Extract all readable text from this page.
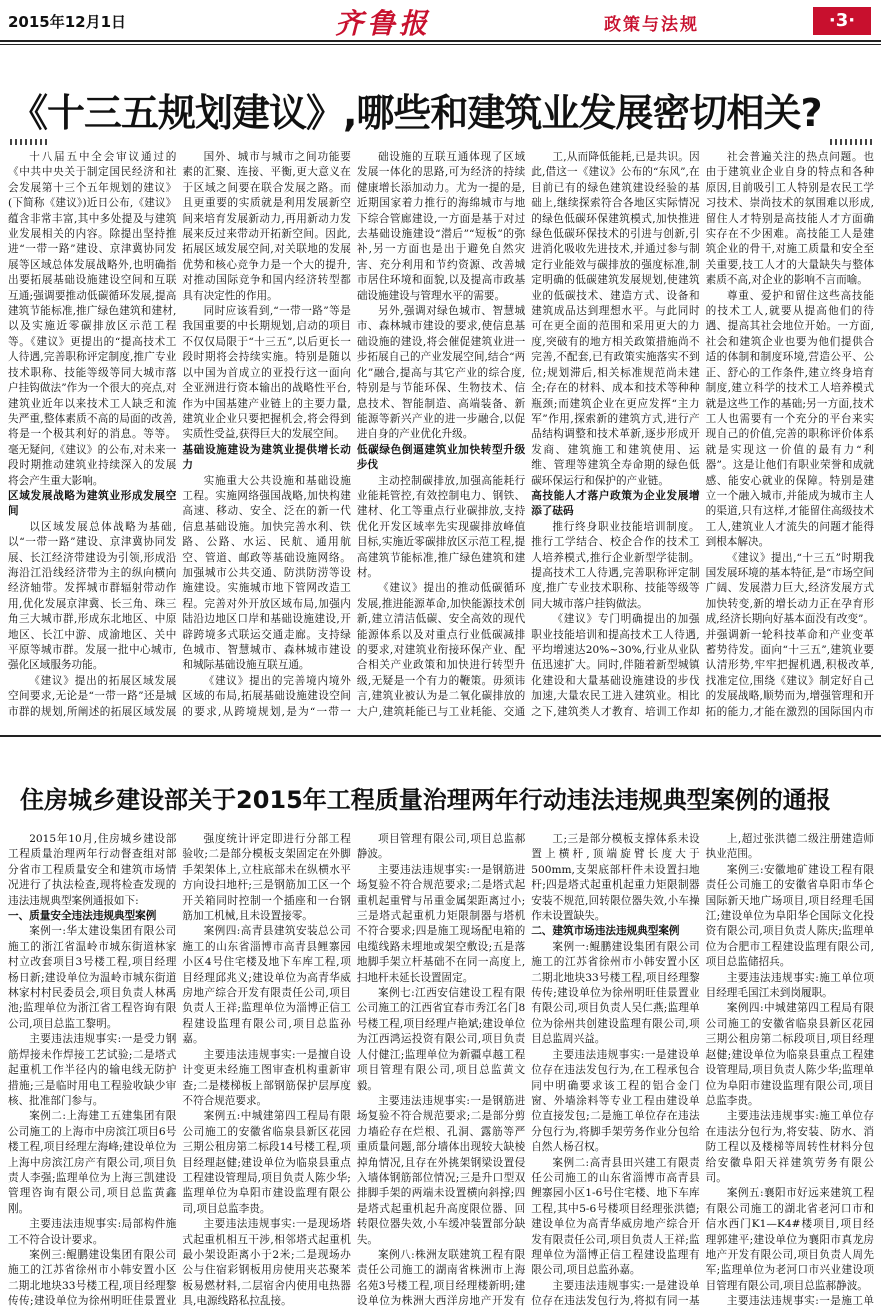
2015年12月1日	齐鲁报	政策与法规	·3·
《十三五规划建议》,哪些和建筑业发展密切相关?

十八届五中全会审议通过的《中共中央关于制定国民经济和社会发展第十三个五年规划的建议》(下简称《建议》)近日公布,《建议》蕴含非常丰富,其中多处提及与建筑业发展相关的内容。除提出坚持推进“一带一路”建设、京津冀协同发展等区域总体发展战略外,也明确指出要拓展基础设施建设空间和互联互通;强调要推动低碳循环发展,提高建筑节能标准,推广绿色建筑和建材,以及实施近零碳排放区示范工程等。《建议》更提出的“提高技术工人待遇,完善职称评定制度,推广专业技术职称、技能等级等同大城市落户挂钩做法”作为一个很大的亮点,对建筑业近年以来技术工人缺乏和流失严重,整体素质不高的局面的改善,将是一个极其利好的消息。等等。毫无疑问,《建议》的公布,对未来一段时期推动建筑业持续深入的发展将会产生重大影响。

区域发展战略为建筑业形成发展空间

以区域发展总体战略为基础,以“一带一路”建设、京津冀协同发展、长江经济带建设为引领,形成沿海沿江沿线经济带为主的纵向横向经济轴带。发挥城市群辐射带动作用,优化发展京津冀、长三角、珠三角三大城市群,形成东北地区、中原地区、长江中游、成渝地区、关中平原等城市群。发展一批中心城市,强化区域服务功能。

《建议》提出的拓展区域发展空间要求,无论是“一带一路”还是城市群的规划,所阐述的拓展区域发展

国外、城市与城市之间功能要素的汇聚、连接、平衡,更大意义在于区域之间要在联合发展之路。而且更重要的实质就是利用发展新空间来培育发展新动力,再用新动力发展来反过来带动开拓新空间。因此,拓展区域发展空间,对关联地的发展优势和核心竞争力是一个大的提升,对推动国际竞争和国内经济转型都具有决定性的作用。

同时应该看到,“一带一路”等是我国重要的中长期规划,启动的项目不仅仅局限于“十三五”,以后更长一段时期将会持续实施。特别是随以以中国为首成立的亚投行这一面向全亚洲进行资本输出的战略性平台,作为中国基建产业链上的主要力量,建筑业企业只要把握机会,将会得到实质性受益,获得巨大的发展空间。

基础设施建设为建筑业提供增长动力

实施重大公共设施和基础设施工程。实施网络强国战略,加快构建高速、移动、安全、泛在的新一代信息基础设施。加快完善水利、铁路、公路、水运、民航、通用航空、管道、邮政等基础设施网络。加强城市公共交通、防洪防涝等设施建设。实施城市地下管网改造工程。完善对外开放区域布局,加强内陆沿边地区口岸和基础设施建设,开辟跨境多式联运交通走廊。支持绿色城市、智慧城市、森林城市建设和城际基础设施互联互通。

《建议》提出的完善境内境外区域的布局,拓展基础设施建设空间的要求,从跨境规划,是为“一带一

础设施的互联互通体现了区域发展一体化的思路,可为经济的持续健康增长添加动力。尤为一提的是,近期国家着力推行的海绵城市与地下综合管廊建设,一方面是基于对过去基础设施建设“潜后”“短板”的弥补,另一方面也是出于避免自然灾害、充分利用和节约资源、改善城市居住环境和面貌,以及提高市政基础设施建设与管理水平的需要。

另外,强调对绿色城市、智慧城市、森林城市建设的要求,使信息基础设施的建设,将会催促建筑业进一步拓展自己的产业发展空间,结合“两化”融合,提高与其它产业的综合度,特别是与节能环保、生物技术、信息技术、智能制造、高端装备、新能源等新兴产业的进一步融合,以促进自身的产业优化升级。

低碳绿色倒逼建筑业加快转型升级步伐

主动控制碳排放,加强高能耗行业能耗管控,有效控制电力、钢铁、建材、化工等重点行业碳排放,支持优化开发区域率先实现碳排放峰值目标,实施近零碳排放区示范工程,提高建筑节能标准,推广绿色建筑和建材。

《建议》提出的推动低碳循环发展,推进能源革命,加快能源技术创新,建立清洁低碳、安全高效的现代能源体系以及对重点行业低碳减排的要求,对建筑业衔接环保产业、配合相关产业政策和加快进行转型升级,无疑是一个有力的鞭策。毋须讳言,建筑业被认为是二氧化碳排放的大户,建筑耗能已与工业耗能、交通

工,从而降低能耗,已是共识。因此,借这一《建议》公布的“东风”,在目前已有的绿色建筑建设经验的基础上,继续探索符合各地区实际情况的绿色低碳环保建筑模式,加快推进绿色低碳环保技术的引进与创新,引进消化吸收先进技术,并通过参与制定行业能效与碳排放的强度标准,制定明确的低碳建筑发展规划,使建筑业的低碳技术、建造方式、设备和建筑成品达到理想水平。与此同时可在更全面的范围和采用更大的力度,突破有的地方相关政策措施尚不完善,不配套,已有政策实施落实不到位;规划滞后,相关标准规范尚未建全;存在的材料、成本和技术等种种瓶颈;而建筑企业在更应发挥“主力军”作用,探索新的建筑方式,进行产品结构调整和技术革新,逐步形成开发商、建筑施工和建筑使用、运维、管理等建筑全寿命期的绿色低碳环保运行和保护的产业链。

高技能人才落户政策为企业发展增添了砝码

推行终身职业技能培训制度。推行工学结合、校企合作的技术工人培养模式,推行企业新型学徒制。提高技术工人待遇,完善职称评定制度,推广专业技术职称、技能等级等同大城市落户挂钩做法。

《建议》专门明确提出的加强职业技能培训和提高技术工人待遇,平均增速达20%~30%,行业从业队伍迅速扩大。同时,伴随着新型城镇化建设和大量基础设施建设的步伐加速,大量农民工进入建筑业。相比之下,建筑类人才教育、培训工作却

社会普遍关注的热点问题。也由于建筑业企业自身的特点和各种原因,目前吸引工人特别是农民工学习技术、崇尚技术的氛围难以形成,留住人才特别是高技能人才方面确实存在不少困难。高技能工人是建筑企业的骨干,对施工质量和安全至关重要,技工人才的大量缺失与整体素质不高,对企业的影响不言而喻。

尊重、爱护和留住这些高技能的技术工人,就要从提高他们的待遇、提高其社会地位开始。一方面,社会和建筑企业也要为他们提供合适的体制和制度环境,营造公平、公正、舒心的工作条件,建立终身培育制度,建立科学的技术工人培养模式就是这些工作的基础;另一方面,技术工人也需要有一个充分的平台来实现自己的价值,完善的职称评价体系就是实现这一价值的最有力“利器”。这是让他们有职业荣誉和成就感、能安心就业的保障。特别是建立一个融入城市,并能成为城市主人的渠道,只有这样,才能留住高级技术工人,建筑业人才流失的问题才能得到根本解决。

《建议》提出,“十三五”时期我国发展环境的基本特征,是“市场空间广阔、发展潜力巨大,经济发展方式加快转变,新的增长动力正在孕育形成,经济长期向好基本面没有改变”。并强调新一轮科技革命和产业变革蓄势待发。面向“十三五”,建筑业要认清形势,牢牢把握机遇,积极改革,找准定位,围绕《建议》制定好自己的发展战略,顺势而为,增强管理和开拓的能力,才能在激烈的国际国内市

住房城乡建设部关于2015年工程质量治理两年行动违法违规典型案例的通报

2015年10月,住房城乡建设部工程质量治理两年行动督查组对部分省市工程质量安全和建筑市场情况进行了执法检查,现将检查发现的违法违规典型案例通报如下:

一、质量安全违法违规典型案例

案例一:华太建设集团有限公司施工的浙江省温岭市城东街道林家村立改套项目3号楼工程,项目经理杨日新;建设单位为温岭市城东街道林家村村民委员会,项目负责人林禹池;监理单位为浙江省工程咨询有限公司,项目总监工黎明。

主要违法违规事实:一是受力钢筋焊接未作焊接工艺试验;二是塔式起重机工作半径内的输电线无防护措施;三是临时用电工程验收缺少审核、批准部门参与。

案例二:上海建工五建集团有限公司施工的上海市中房滨江项目6号楼工程,项目经理左海峰;建设单位为上海中房滨江房产有限公司,项目负责人李强;监理单位为上海三凯建设管理咨询有限公司,项目总监黄鑫刚。

主要违法违规事实:局部构件施工不符合设计要求。

案例三:鲲鹏建设集团有限公司施工的江苏省徐州市小韩安置小区二期北地块33号楼工程,项目经理黎传传;建设单位为徐州明旺佳景置业

强度统计评定即进行分部工程验收;二是部分模板支架固定在外脚手架架体上,立柱底部未在纵横水平方向设扫地杆;三是钢筋加工区一个开关箱同时控制一个插座和一台钢筋加工机械,且未设置接零。

案例四:高青县建筑安装总公司施工的山东省淄博市高青县鲤寨园小区4号住宅楼及地下车库工程,项目经理邱兆义;建设单位为高青华威房地产综合开发有限责任公司,项目负责人王祥;监理单位为淄博正信工程建设监理有限公司,项目总监孙嘉。

主要违法违规事实:一是擅自设计变更未经施工图审查机构重新审查;二是楼梯板上部钢筋保护层厚度不符合规范要求。

案例五:中城建第四工程局有限公司施工的安徽省临泉县新区花园三期公租房第二标段14号楼工程,项目经理赵健;建设单位为临泉县重点工程建设管理局,项目负责人陈少华;监理单位为阜阳市建设监理有限公司,项目总监李贵。

主要违法违规事实:一是现场塔式起重机相互干涉,相邻塔式起重机最小架设距离小于2米;二是现场办公与住宿彩钢板用房使用夹芯聚苯板易燃材料,二层宿舍内使用电热器具,电源线路私拉乱接。

项目管理有限公司,项目总监郝静波。

主要违法违规事实:一是钢筋进场复验不符合规范要求;二是塔式起重机起重臂与吊重金属架距离过小;三是塔式起重机力矩限制器与塔机不符合要求;四是施工现场配电箱的电缆线路未埋地或架空敷设;五是落地脚手架立杆基础不在同一高度上,扫地杆未延长设置固定。

案例七:江西安信建设工程有限公司施工的江西省宜春市秀江名门8号楼工程,项目经理卢艳斌;建设单位为江西鸿运投资有限公司,项目负责人付健江;监理单位为新疆卓越工程项目管理有限公司,项目总监黄文毅。

主要违法违规事实:一是钢筋进场复验不符合规范要求;二是部分剪力墙砼存在烂根、孔洞、露筋等严重质量问题,部分墙体出现较大缺棱掉角情况,且存在外挑架钢梁设置侵入墙体钢筋部位情况;三是升口型双排脚手架的两端未设置横向斜撑;四是塔式起重机起升高度限位器、回转限位器失效,小车缓冲装置部分缺失。

案例八:株洲友联建筑工程有限责任公司施工的湖南省株洲市上海名苑3号楼工程,项目经理楼新明;建设单位为株洲大西洋房地产开发有

工;三是部分模板支撑体系未设置上横杆,顶端旋臂长度大于500mm,支架底部杆件未设置扫地杆;四是塔式起重机起重力矩限制器安装不规范,回转限位器失效,小车操作未设置缺失。

二、建筑市场违法违规典型案例

案例一:鲲鹏建设集团有限公司施工的江苏省徐州市小韩安置小区二期北地块33号楼工程,项目经理黎传传;建设单位为徐州明旺佳景置业有限公司,项目负责人吴仁燕;监理单位为徐州共创建设监理有限公司,项目总监周兴益。

主要违法违规事实:一是建设单位存在违法发包行为,在工程承包合同中明确要求该工程的铝合金门窗、外墙涂料等专业工程由建设单位直接发包;二是施工单位存在违法分包行为,将脚手架劳务作业分包给自然人杨召权。

案例二:高青县田兴建工有限责任公司施工的山东省淄博市高青县鲤寨园小区1-6号住宅楼、地下车库工程,其中5-6号楼项目经理张洪德;建设单位为高青华威房地产综合开发有限责任公司,项目负责人王祥;监理单位为淄博正信工程建设监理有限公司,项目总监孙嘉。

主要违法违规事实:一是建设单位存在违法发包行为,将拟有同一基

上,超过张洪德二级注册建造师执业范围。

案例三:安徽地矿建设工程有限责任公司施工的安徽省阜阳市华仑国际新天地广场项目,项目经理毛国江;建设单位为阜阳华仑国际文化投资有限公司,项目负责人陈庆;监理单位为合肥市工程建设监理有限公司,项目总监储招兵。

主要违法违规事实:施工单位项目经理毛国江未到岗履职。

案例四:中城建第四工程局有限公司施工的安徽省临泉县新区花园三期公租房第二标段项目,项目经理赵健;建设单位为临泉县重点工程建设管理局,项目负责人陈少华;监理单位为阜阳市建设监理有限公司,项目总监李贵。

主要违法违规事实:施工单位存在违法分包行为,将安装、防水、消防工程以及楼梯等周转性材料分包给安徽阜阳天祥建筑劳务有限公司。

案例五:襄阳市好远来建筑工程有限公司施工的湖北省老河口市和信水西门K1—K4#楼项目,项目经理郭建平;建设单位为襄阳市真龙房地产开发有限公司,项目负责人周先军;监理单位为老河口市兴业建设项目管理有限公司,项目总监郝静波。

主要违法违规事实:一是施工单
